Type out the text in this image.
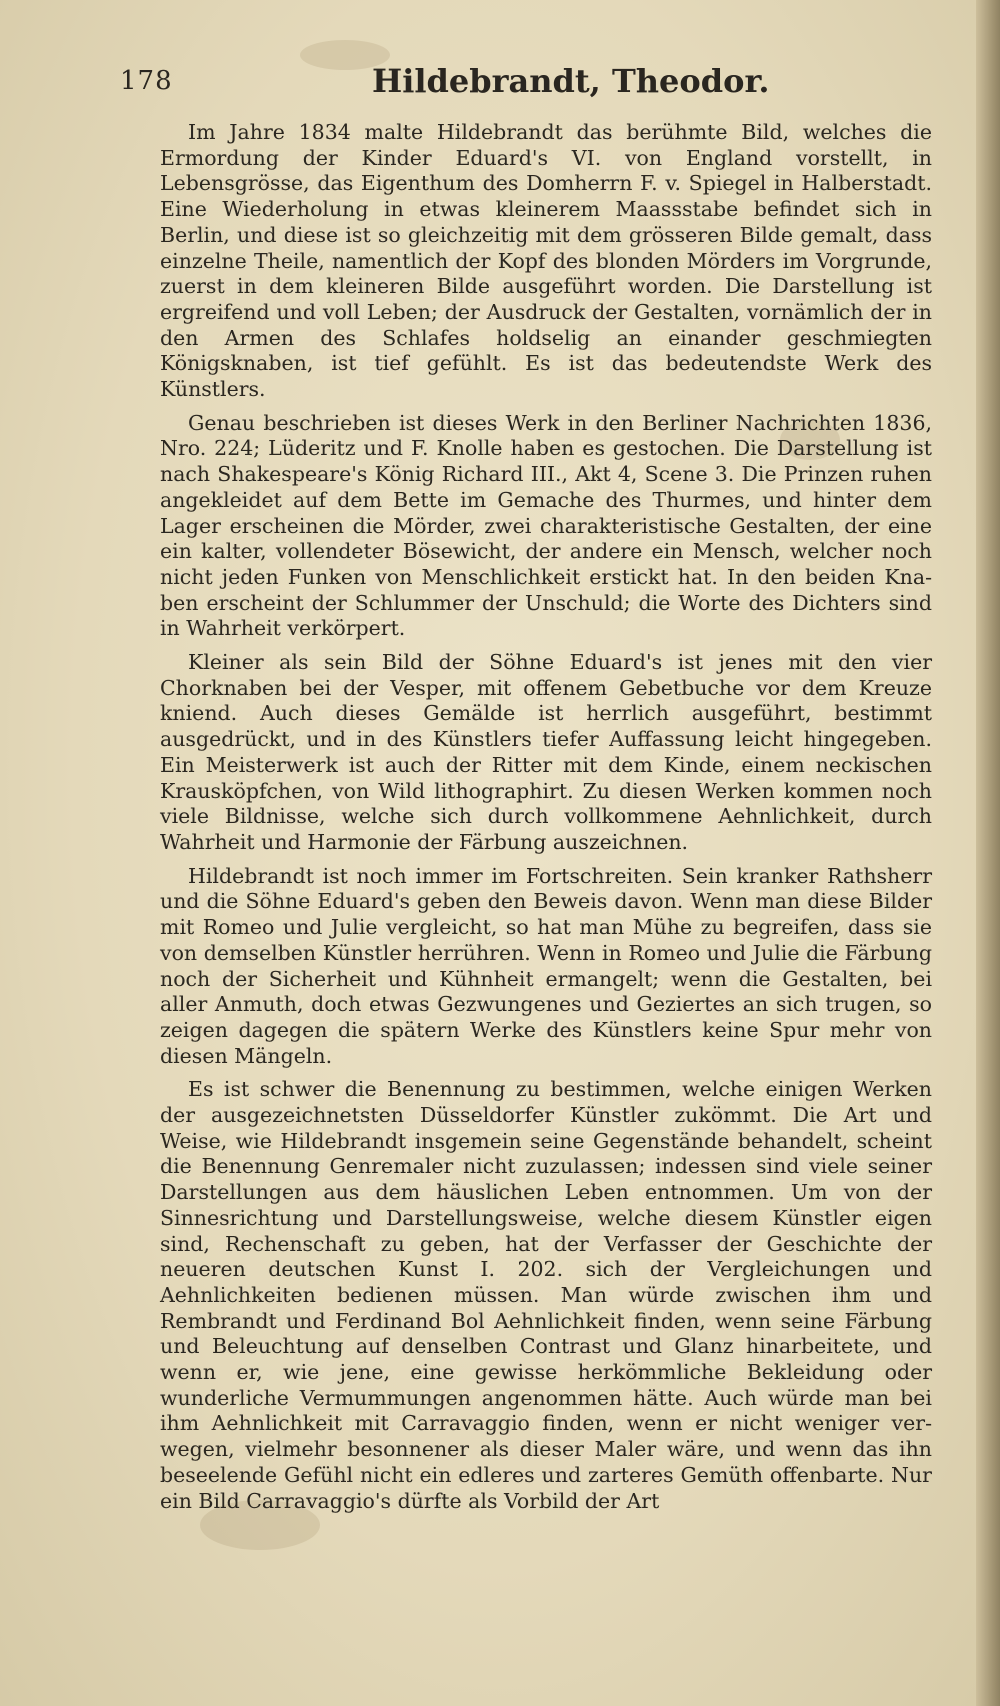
178	Hildebrandt, Theodor.

Im Jahre 1834 malte Hildebrandt das berühmte Bild, welches die Ermordung der Kinder Eduard's VI. von England vorstellt, in Lebensgrösse, das Eigenthum des Domherrn F. v. Spiegel in Halberstadt. Eine Wiederholung in etwas kleinerem Maassstabe befindet sich in Berlin, und diese ist so gleichzeitig mit dem grösseren Bilde gemalt, dass einzelne Theile, namentlich der Kopf des blonden Mörders im Vorgrunde, zuerst in dem kleineren Bilde ausgeführt worden. Die Darstellung ist ergreifend und voll Leben; der Ausdruck der Gestalten, vornämlich der in den Armen des Schlafes holdselig an einander geschmiegten Königsknaben, ist tief gefühlt. Es ist das bedeutendste Werk des Künstlers.

Genau beschrieben ist dieses Werk in den Berliner Nachrichten 1836, Nro. 224; Lüderitz und F. Knolle haben es gestochen. Die Darstellung ist nach Shakespeare's König Richard III., Akt 4, Scene 3. Die Prinzen ruhen angekleidet auf dem Bette im Gemache des Thurmes, und hinter dem Lager erscheinen die Mörder, zwei charakteristische Gestalten, der eine ein kalter, vollendeter Bösewicht, der andere ein Mensch, welcher noch nicht jeden Funken von Menschlichkeit erstickt hat. In den beiden Knaben erscheint der Schlummer der Unschuld; die Worte des Dichters sind in Wahrheit verkörpert.

Kleiner als sein Bild der Söhne Eduard's ist jenes mit den vier Chorknaben bei der Vesper, mit offenem Gebetbuche vor dem Kreuze kniend. Auch dieses Gemälde ist herrlich ausgeführt, bestimmt ausgedrückt, und in des Künstlers tiefer Auffassung leicht hingegeben. Ein Meisterwerk ist auch der Ritter mit dem Kinde, einem neckischen Krausköpfchen, von Wild lithographirt. Zu diesen Werken kommen noch viele Bildnisse, welche sich durch vollkommene Aehnlichkeit, durch Wahrheit und Harmonie der Färbung auszeichnen.

Hildebrandt ist noch immer im Fortschreiten. Sein kranker Rathsherr und die Söhne Eduard's geben den Beweis davon. Wenn man diese Bilder mit Romeo und Julie vergleicht, so hat man Mühe zu begreifen, dass sie von demselben Künstler herrühren. Wenn in Romeo und Julie die Färbung noch der Sicherheit und Kühnheit ermangelt; wenn die Gestalten, bei aller Anmuth, doch etwas Gezwungenes und Geziertes an sich trugen, so zeigen dagegen die spätern Werke des Künstlers keine Spur mehr von diesen Mängeln.

Es ist schwer die Benennung zu bestimmen, welche einigen Werken der ausgezeichnetsten Düsseldorfer Künstler zukömmt. Die Art und Weise, wie Hildebrandt insgemein seine Gegenstände behandelt, scheint die Benennung Genremaler nicht zuzulassen; indessen sind viele seiner Darstellungen aus dem häuslichen Leben entnommen. Um von der Sinnesrichtung und Darstellungsweise, welche diesem Künstler eigen sind, Rechenschaft zu geben, hat der Verfasser der Geschichte der neueren deutschen Kunst I. 202. sich der Vergleichungen und Aehnlichkeiten bedienen müssen. Man würde zwischen ihm und Rembrandt und Ferdinand Bol Aehnlichkeit finden, wenn seine Färbung und Beleuchtung auf denselben Contrast und Glanz hinarbeitete, und wenn er, wie jene, eine gewisse herkömmliche Bekleidung oder wunderliche Vermummungen angenommen hätte. Auch würde man bei ihm Aehnlichkeit mit Carravaggio finden, wenn er nicht weniger verwegen, vielmehr besonnener als dieser Maler wäre, und wenn das ihn beseelende Gefühl nicht ein edleres und zarteres Gemüth offenbarte. Nur ein Bild Carravaggio's dürfte als Vorbild der Art
